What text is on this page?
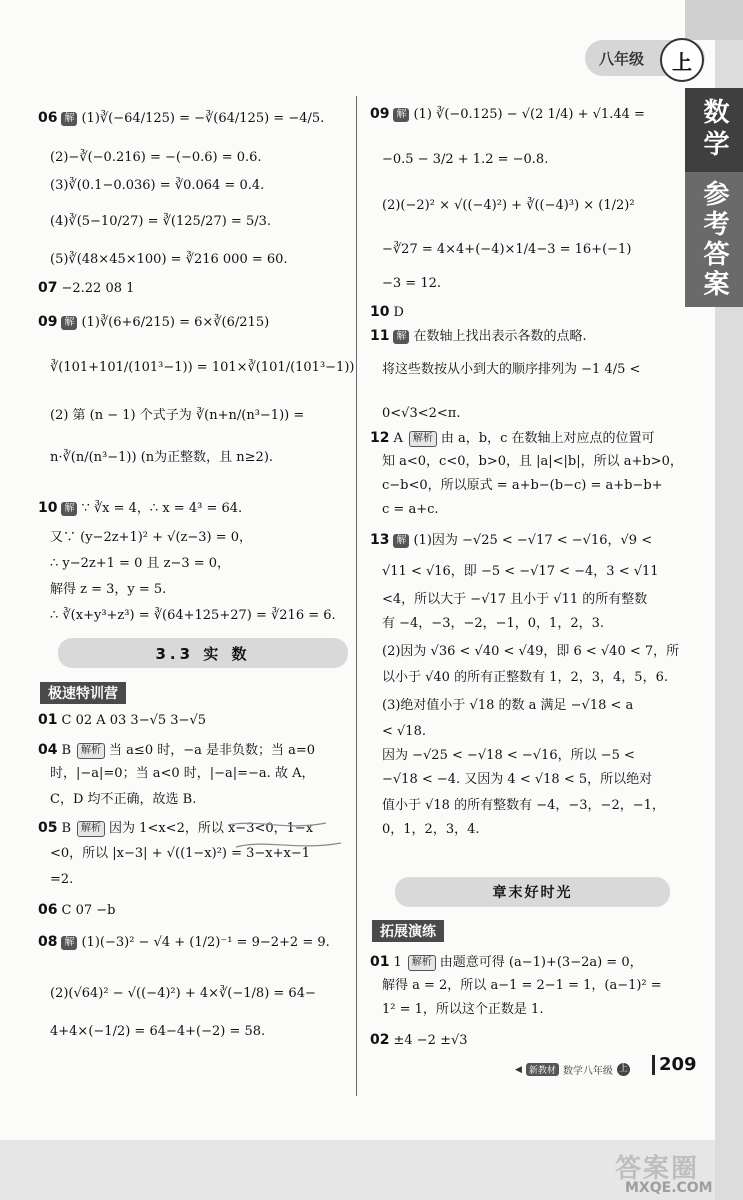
八年级 上
数学
参考答案
06 解 (1)∛(−64/125) = −∛(64/125) = −4/5.
(2)−∛(−0.216) = −(−0.6) = 0.6.
(3)∛(0.1−0.036) = ∛0.064 = 0.4.
(4)∛(5−10/27) = ∛(125/27) = 5/3.
(5)∛(48×45×100) = ∛216 000 = 60.
07 −2.22 08 1
09 解 (1)∛(6+6/215) = 6×∛(6/215)
∛(101+101/(101³−1)) = 101×∛(101/(101³−1))
(2) 第 (n − 1) 个式子为 ∛(n+n/(n³−1)) =
n·∛(n/(n³−1)) (n为正整数，且 n≥2).
10 解 ∵ ∛x = 4，∴ x = 4³ = 64.
又∵ (y−2z+1)² + √(z−3) = 0，
∴ y−2z+1 = 0 且 z−3 = 0，
解得 z = 3，y = 5.
∴ ∛(x+y³+z³) = ∛(64+125+27) = ∛216 = 6.
01 C 02 A 03 3−√5 3−√5
04 B 解析 当 a≤0 时，−a 是非负数；当 a=0
时，|−a|=0；当 a<0 时，|−a|=−a. 故 A，
C，D 均不正确，故选 B.
05 B 解析 因为 1<x<2，所以 x−3<0，1−x
<0，所以 |x−3| + √((1−x)²) = 3−x+x−1
=2.
06 C 07 −b
08 解 (1)(−3)² − √4 + (1/2)⁻¹ = 9−2+2 = 9.
(2)(√64)² − √((−4)²) + 4×∛(−1/8) = 64−
4+4×(−1/2) = 64−4+(−2) = 58.
3.3 实 数
极速特训营
09 解 (1) ∛(−0.125) − √(2 1/4) + √1.44 =
−0.5 − 3/2 + 1.2 = −0.8.
(2)(−2)² × √((−4)²) + ∛((−4)³) × (1/2)²
−∛27 = 4×4+(−4)×1/4−3 = 16+(−1)
−3 = 12.
10 D
11 解 在数轴上找出表示各数的点略.
将这些数按从小到大的顺序排列为 −1 4/5 <
0<√3<2<π.
12 A 解析 由 a，b，c 在数轴上对应点的位置可
知 a<0，c<0，b>0，且 |a|<|b|，所以 a+b>0，
c−b<0，所以原式 = a+b−(b−c) = a+b−b+
c = a+c.
13 解 (1)因为 −√25 < −√17 < −√16，√9 <
√11 < √16，即 −5 < −√17 < −4，3 < √11
<4，所以大于 −√17 且小于 √11 的所有整数
有 −4，−3，−2，−1，0，1，2，3.
(2)因为 √36 < √40 < √49，即 6 < √40 < 7，所
以小于 √40 的所有正整数有 1，2，3，4，5，6.
(3)绝对值小于 √18 的数 a 满足 −√18 < a
< √18.
因为 −√25 < −√18 < −√16，所以 −5 <
−√18 < −4. 又因为 4 < √18 < 5，所以绝对
值小于 √18 的所有整数有 −4，−3，−2，−1，
0，1，2，3，4.
01 1 解析 由题意可得 (a−1)+(3−2a) = 0，
解得 a = 2，所以 a−1 = 2−1 = 1，(a−1)² =
1² = 1，所以这个正数是 1.
02 ±4 −2 ±√3
章末好时光
拓展演练
◀ 新教材 数学八年级 上	209
答案圈
MXQE.COM
